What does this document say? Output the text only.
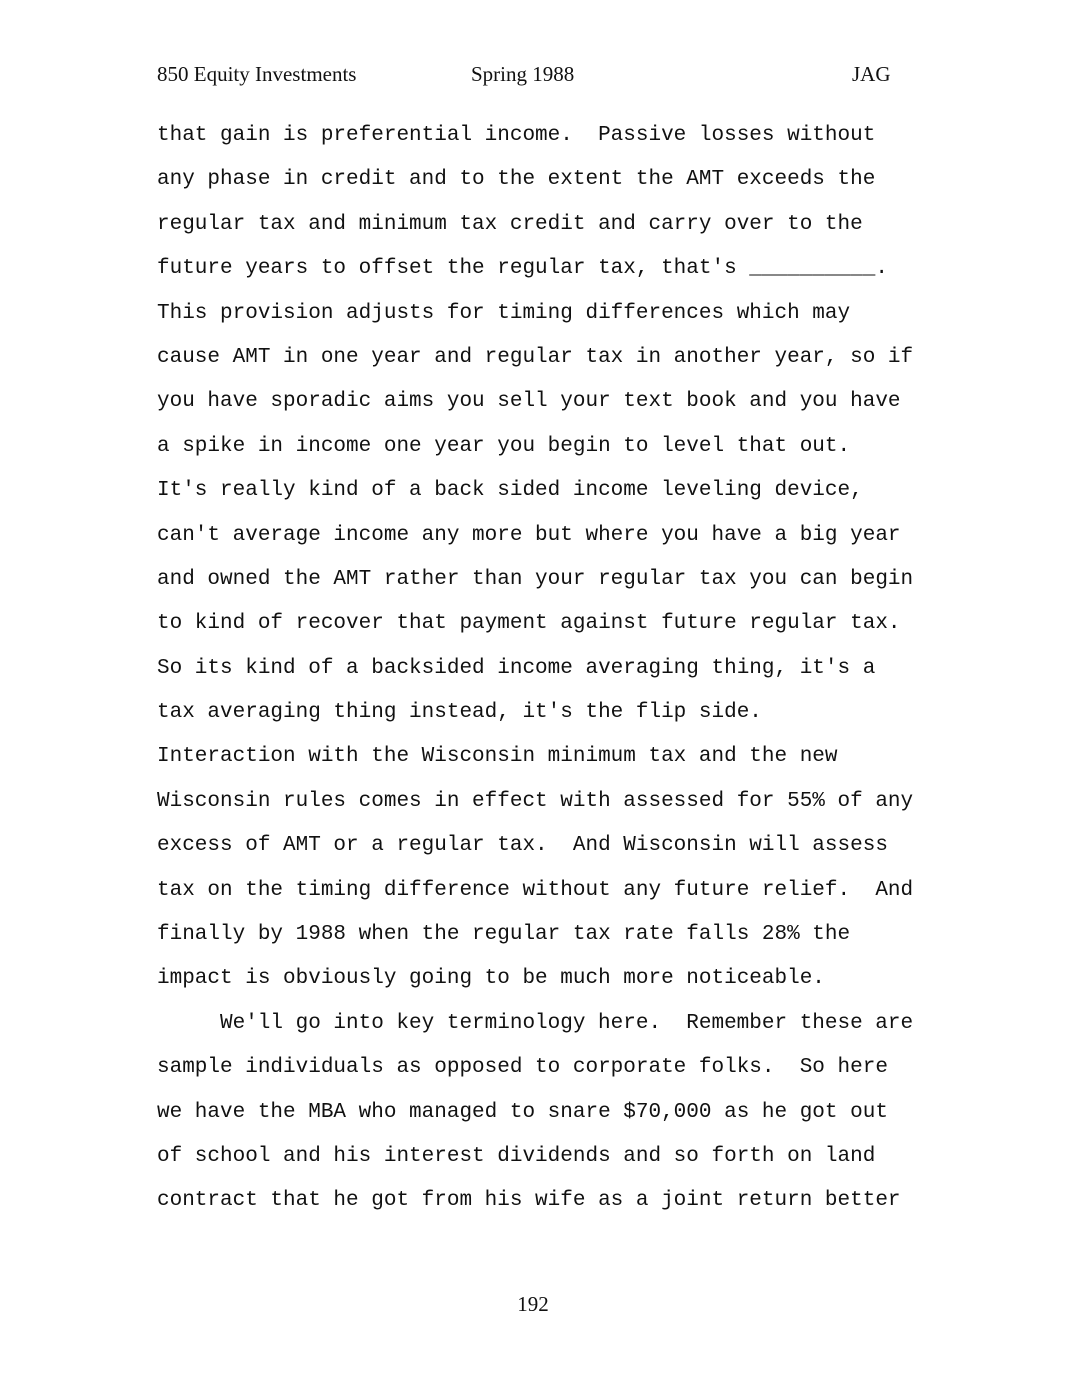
850 Equity Investments	Spring 1988	JAG
that gain is preferential income.  Passive losses without
any phase in credit and to the extent the AMT exceeds the
regular tax and minimum tax credit and carry over to the
future years to offset the regular tax, that's __________.
This provision adjusts for timing differences which may
cause AMT in one year and regular tax in another year, so if
you have sporadic aims you sell your text book and you have
a spike in income one year you begin to level that out.
It's really kind of a back sided income leveling device,
can't average income any more but where you have a big year
and owned the AMT rather than your regular tax you can begin
to kind of recover that payment against future regular tax.
So its kind of a backsided income averaging thing, it's a
tax averaging thing instead, it's the flip side.
Interaction with the Wisconsin minimum tax and the new
Wisconsin rules comes in effect with assessed for 55% of any
excess of AMT or a regular tax.  And Wisconsin will assess
tax on the timing difference without any future relief.  And
finally by 1988 when the regular tax rate falls 28% the
impact is obviously going to be much more noticeable.
We'll go into key terminology here.  Remember these are
sample individuals as opposed to corporate folks.  So here
we have the MBA who managed to snare $70,000 as he got out
of school and his interest dividends and so forth on land
contract that he got from his wife as a joint return better
192
